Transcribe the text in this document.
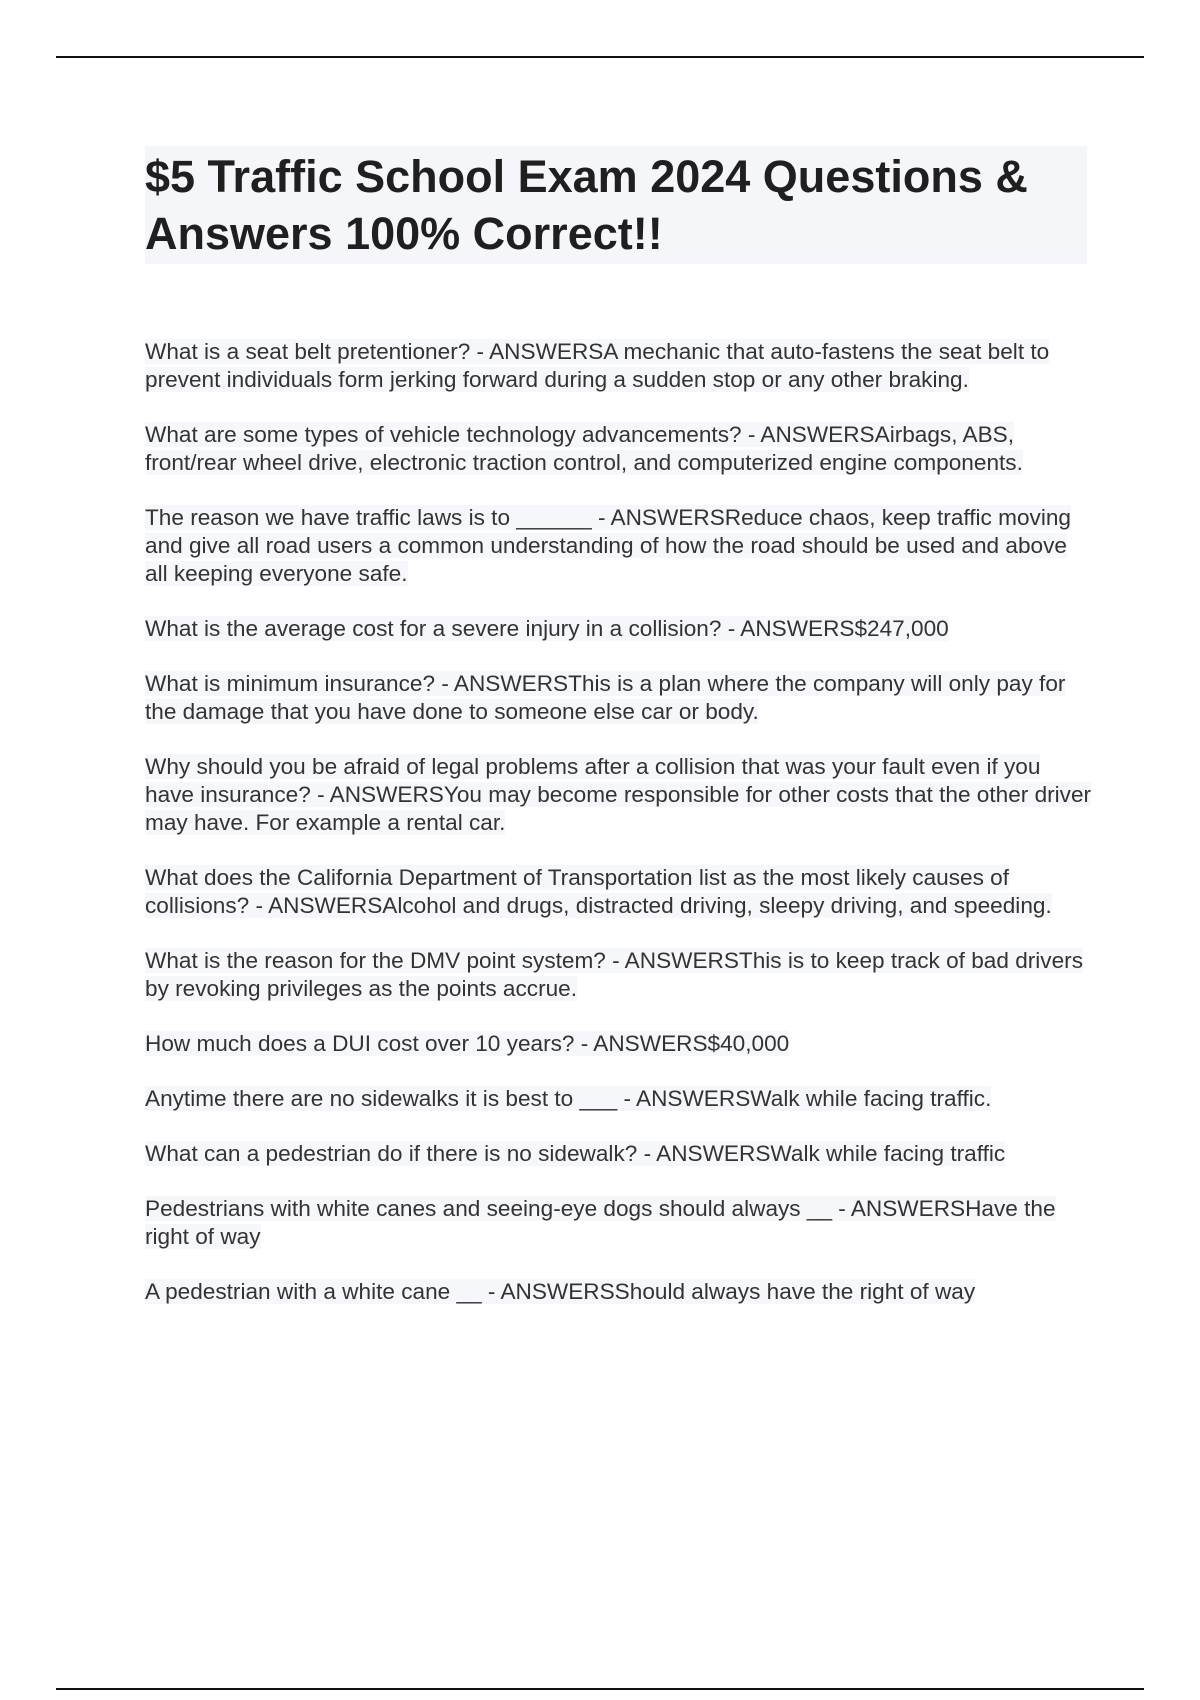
$5 Traffic School Exam 2024 Questions & Answers 100% Correct!!

What is a seat belt pretentioner? - ANSWERSA mechanic that auto-fastens the seat belt to prevent individuals form jerking forward during a sudden stop or any other braking.

What are some types of vehicle technology advancements? - ANSWERSAirbags, ABS, front/rear wheel drive, electronic traction control, and computerized engine components.

The reason we have traffic laws is to ______ - ANSWERSReduce chaos, keep traffic moving and give all road users a common understanding of how the road should be used and above all keeping everyone safe.

What is the average cost for a severe injury in a collision? - ANSWERS$247,000

What is minimum insurance? - ANSWERSThis is a plan where the company will only pay for the damage that you have done to someone else car or body.

Why should you be afraid of legal problems after a collision that was your fault even if you have insurance? - ANSWERSYou may become responsible for other costs that the other driver may have. For example a rental car.

What does the California Department of Transportation list as the most likely causes of collisions? - ANSWERSAlcohol and drugs, distracted driving, sleepy driving, and speeding.

What is the reason for the DMV point system? - ANSWERSThis is to keep track of bad drivers by revoking privileges as the points accrue.

How much does a DUI cost over 10 years? - ANSWERS$40,000

Anytime there are no sidewalks it is best to ___ - ANSWERSWalk while facing traffic.

What can a pedestrian do if there is no sidewalk? - ANSWERSWalk while facing traffic

Pedestrians with white canes and seeing-eye dogs should always __ - ANSWERSHave the right of way

A pedestrian with a white cane __ - ANSWERSShould always have the right of way
